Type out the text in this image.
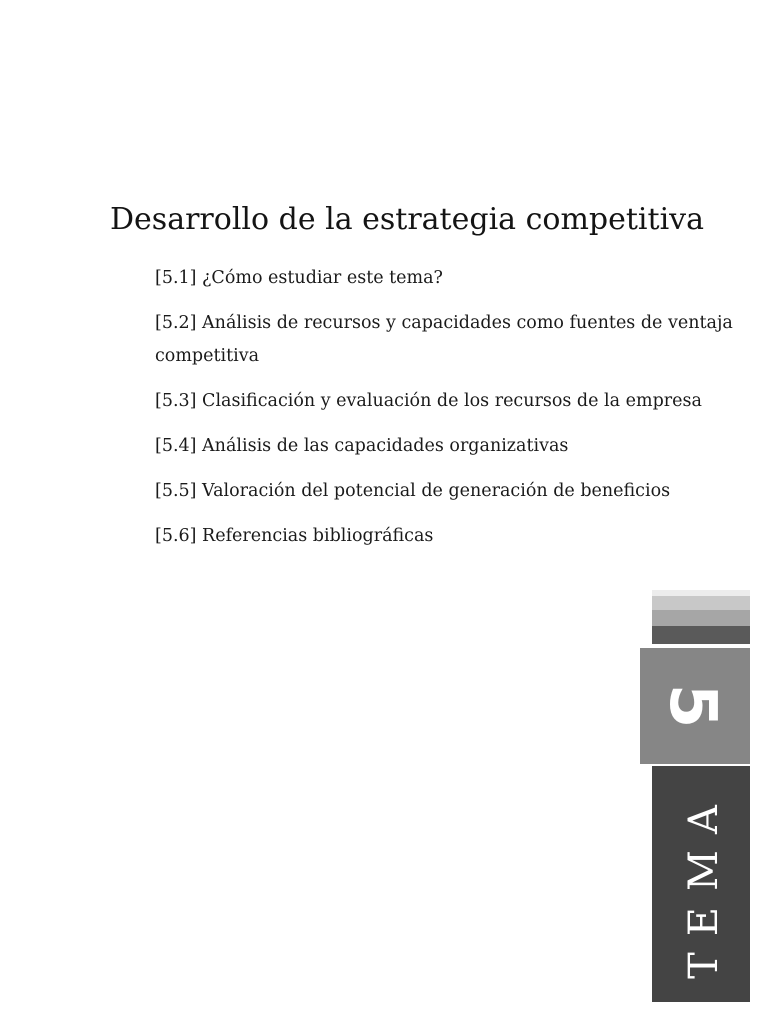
Desarrollo de la estrategia competitiva
[5.1] ¿Cómo estudiar este tema?
[5.2] Análisis de recursos y capacidades como fuentes de ventaja competitiva
[5.3] Clasificación y evaluación de los recursos de la empresa
[5.4] Análisis de las capacidades organizativas
[5.5] Valoración del potencial de generación de beneficios
[5.6] Referencias bibliográficas
5
TEMA
